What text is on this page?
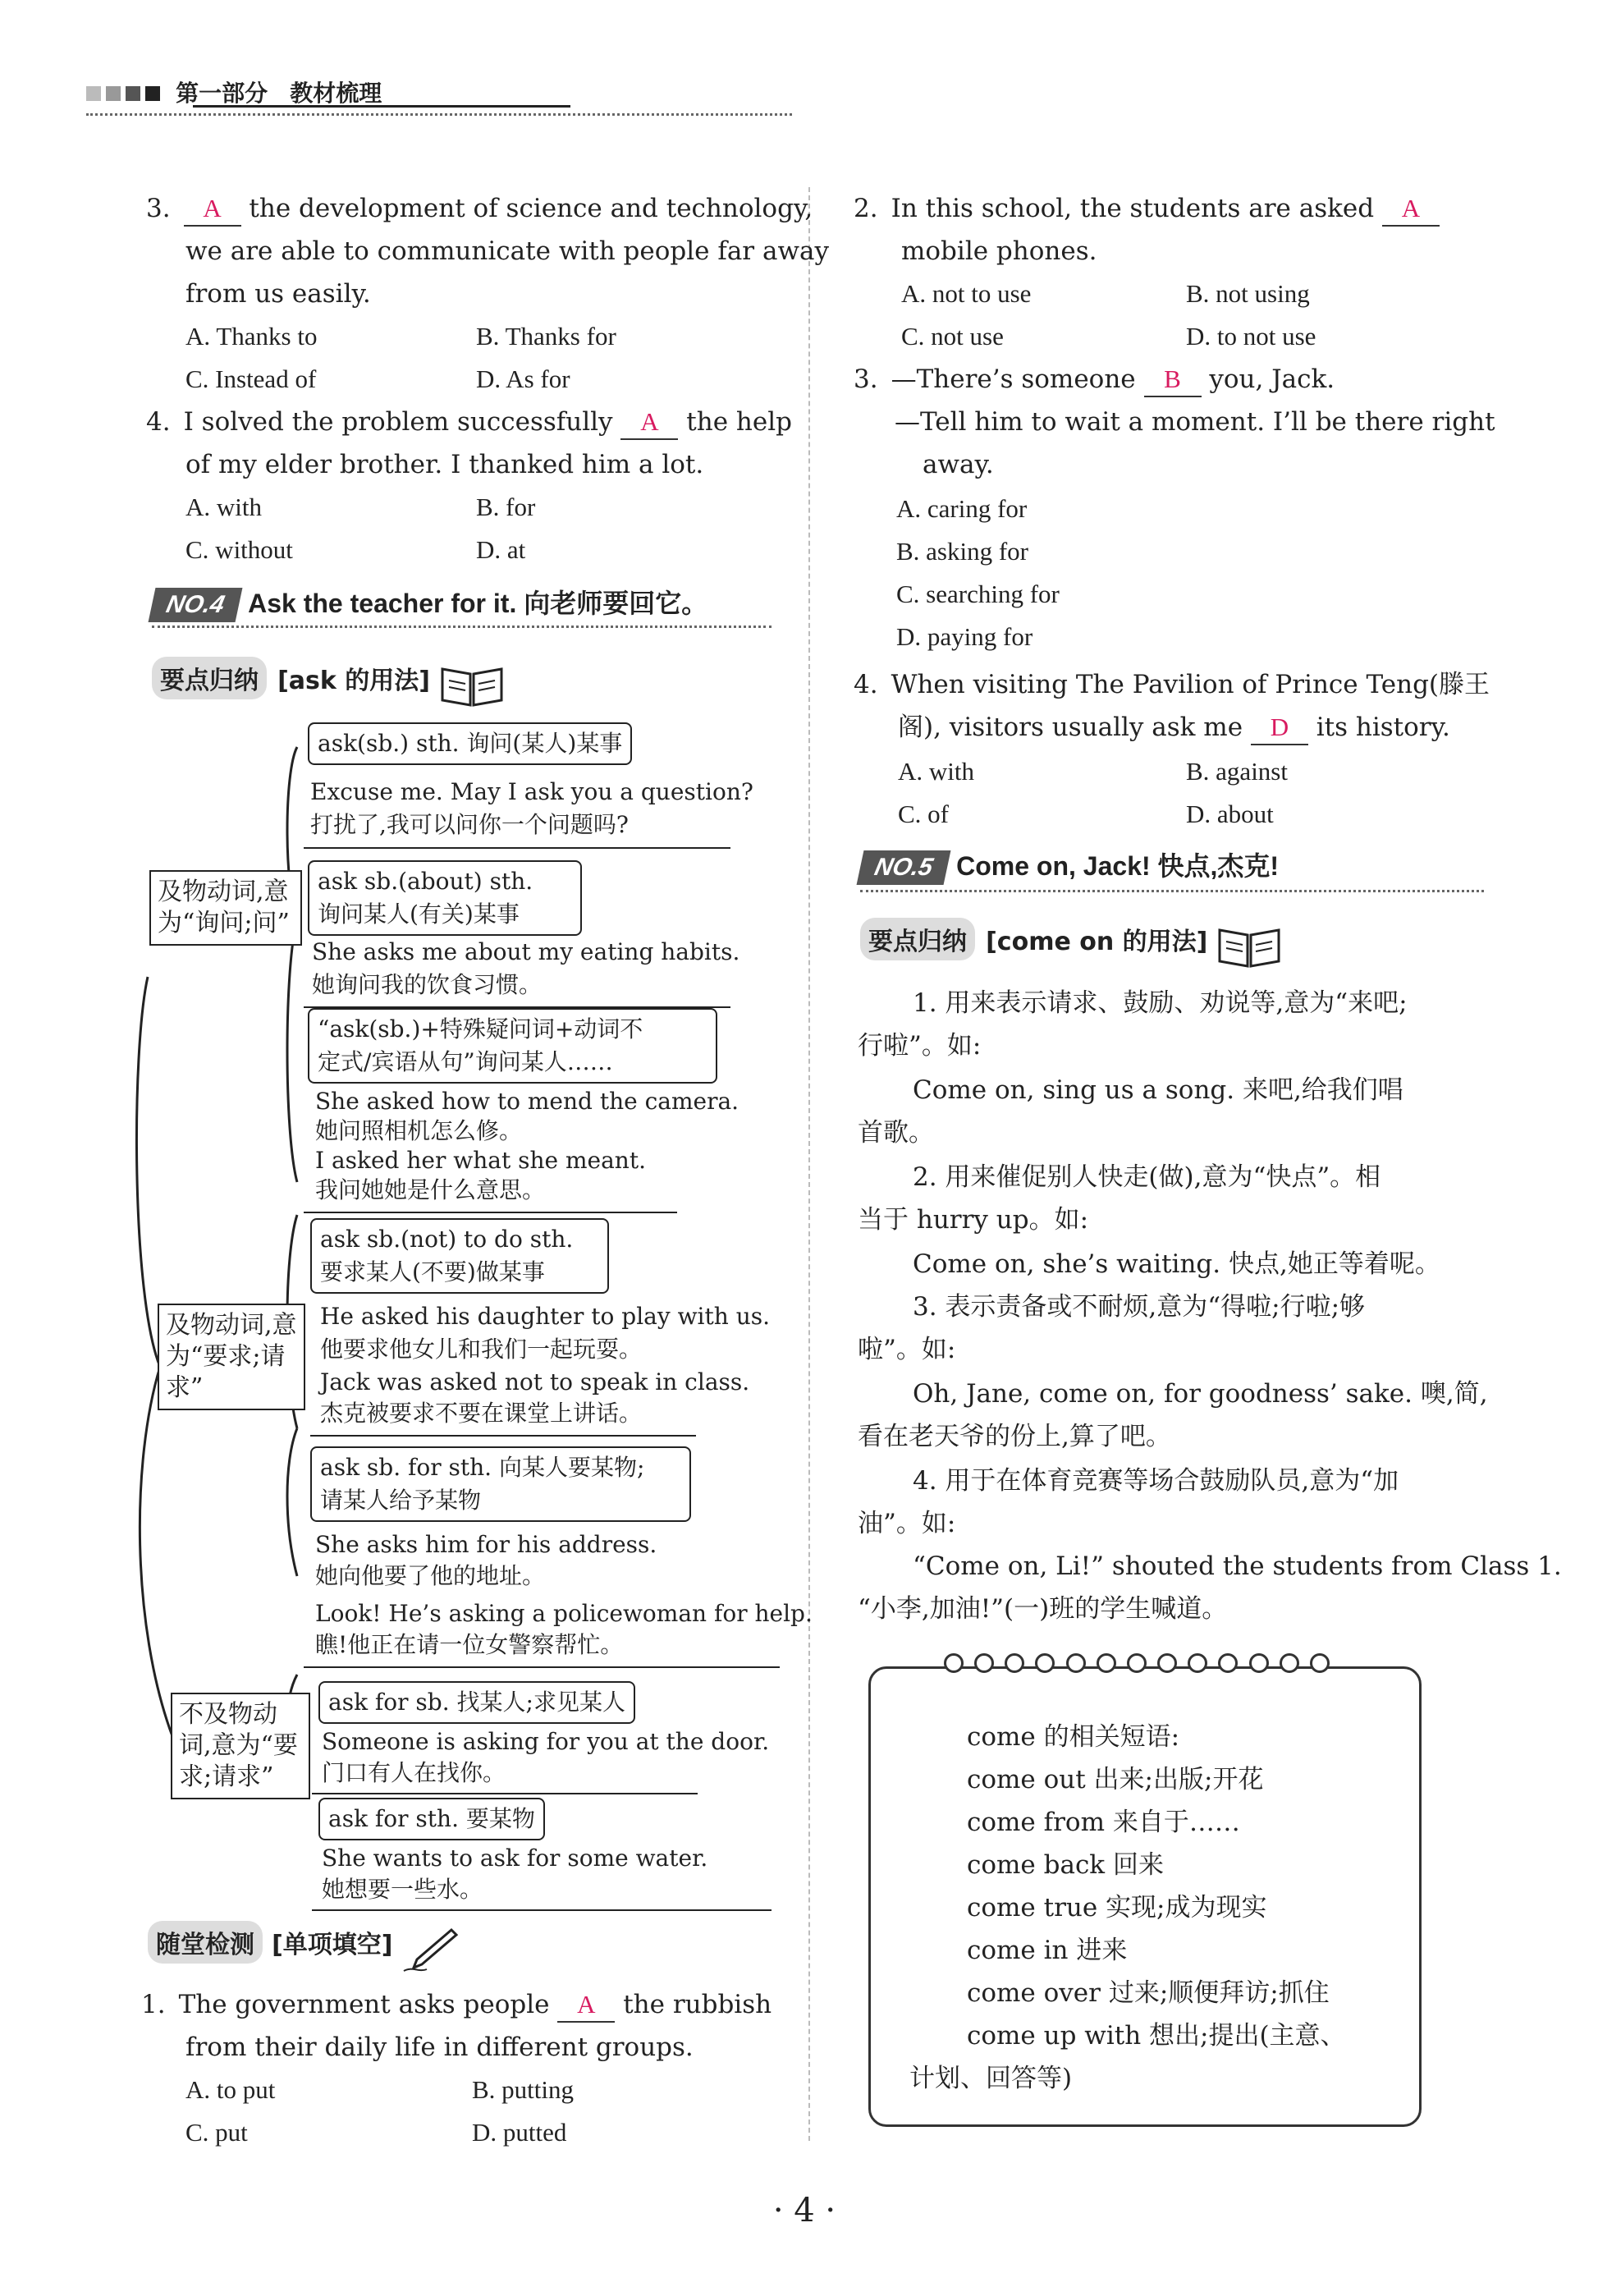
第一部分 教材梳理
3. A the development of science and technology,
we are able to communicate with people far away
from us easily.
A. Thanks to	B. Thanks for
C. Instead of	D. As for
4. I solved the problem successfully A the help
of my elder brother. I thanked him a lot.
A. with	B. for
C. without	D. at
NO.4 Ask the teacher for it. 向老师要回它。
要点归纳 [ask 的用法]
及物动词,意为“询问;问”
及物动词,意为“要求;请求”
不及物动词,意为“要求;请求”
ask(sb.) sth. 询问(某人)某事
Excuse me. May I ask you a question?
打扰了,我可以问你一个问题吗?
ask sb.(about) sth.
询问某人(有关)某事
She asks me about my eating habits.
她询问我的饮食习惯。
“ask(sb.)+特殊疑问词+动词不
定式/宾语从句”询问某人……
She asked how to mend the camera.
她问照相机怎么修。
I asked her what she meant.
我问她她是什么意思。
ask sb.(not) to do sth.
要求某人(不要)做某事
He asked his daughter to play with us.
他要求他女儿和我们一起玩耍。
Jack was asked not to speak in class.
杰克被要求不要在课堂上讲话。
ask sb. for sth. 向某人要某物;
请某人给予某物
She asks him for his address.
她向他要了他的地址。
Look! He’s asking a policewoman for help.
瞧!他正在请一位女警察帮忙。
ask for sb. 找某人;求见某人
Someone is asking for you at the door.
门口有人在找你。
ask for sth. 要某物
She wants to ask for some water.
她想要一些水。
随堂检测 [单项填空]
1. The government asks people A the rubbish
from their daily life in different groups.
A. to put	B. putting
C. put	D. putted
2. In this school, the students are asked A
mobile phones.
A. not to use	B. not using
C. not use	D. to not use
3. —There’s someone B you, Jack.
—Tell him to wait a moment. I’ll be there right
away.
A. caring for
B. asking for
C. searching for
D. paying for
4. When visiting The Pavilion of Prince Teng(滕王
阁), visitors usually ask me D its history.
A. with	B. against
C. of	D. about
NO.5 Come on, Jack! 快点,杰克!
要点归纳 [come on 的用法]
1. 用来表示请求、鼓励、劝说等,意为“来吧;
行啦”。如:
Come on, sing us a song. 来吧,给我们唱
首歌。
2. 用来催促别人快走(做),意为“快点”。相
当于 hurry up。如:
Come on, she’s waiting. 快点,她正等着呢。
3. 表示责备或不耐烦,意为“得啦;行啦;够
啦”。如:
Oh, Jane, come on, for goodness’ sake. 噢,简,
看在老天爷的份上,算了吧。
4. 用于在体育竞赛等场合鼓励队员,意为“加
油”。如:
“Come on, Li!” shouted the students from Class 1.
“小李,加油!”(一)班的学生喊道。
come 的相关短语:
come out 出来;出版;开花
come from 来自于……
come back 回来
come true 实现;成为现实
come in 进来
come over 过来;顺便拜访;抓住
come up with 想出;提出(主意、
计划、回答等)
· 4 ·
